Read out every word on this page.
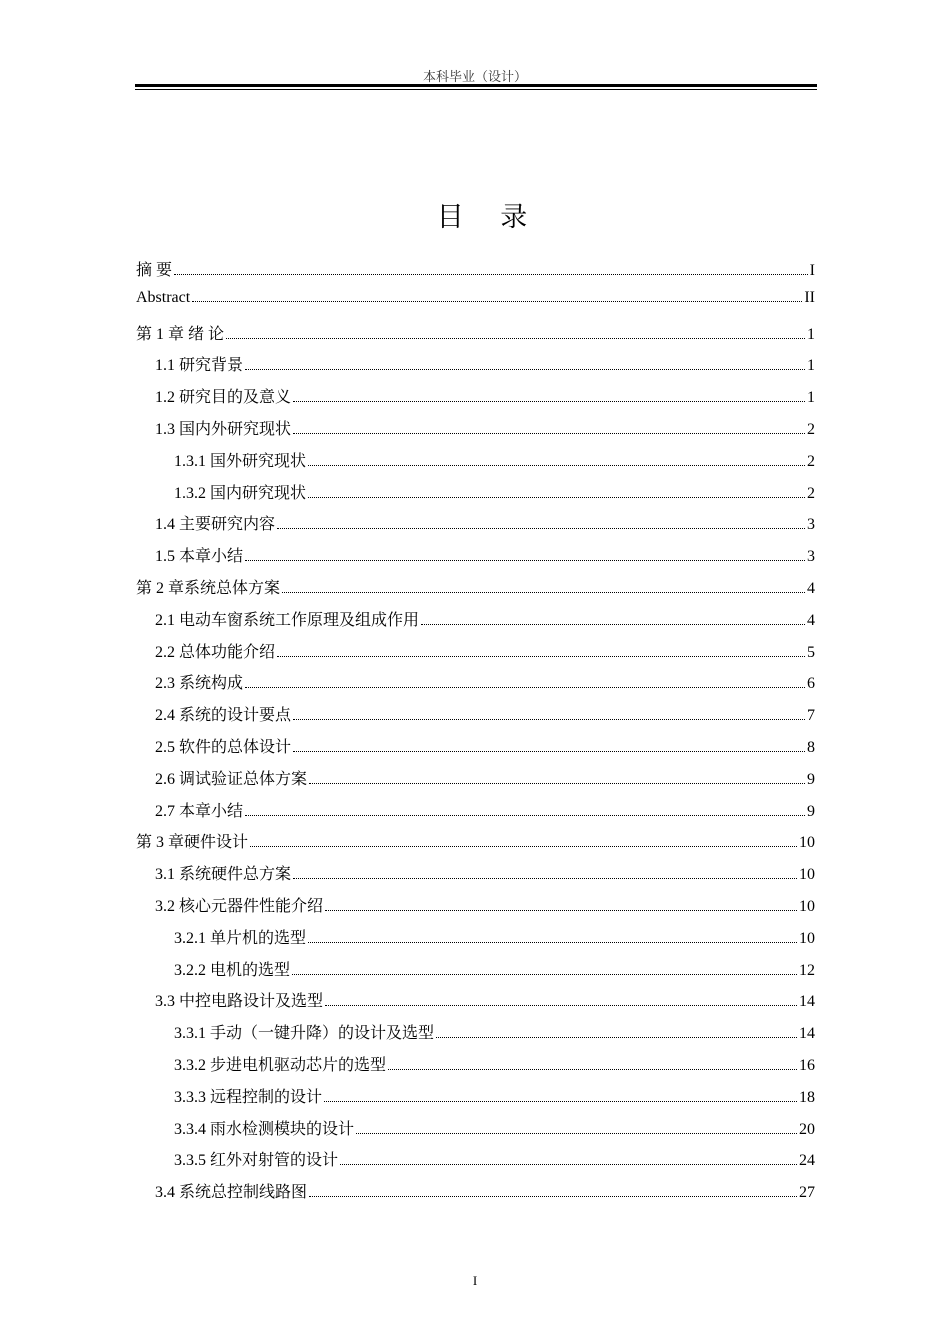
本科毕业（设计）
目 录
摘 要	I
Abstract	II
第 1 章 绪 论	1
1.1 研究背景	1
1.2 研究目的及意义	1
1.3 国内外研究现状	2
1.3.1 国外研究现状	2
1.3.2 国内研究现状	2
1.4 主要研究内容	3
1.5 本章小结	3
第 2 章系统总体方案	4
2.1 电动车窗系统工作原理及组成作用	4
2.2 总体功能介绍	5
2.3 系统构成	6
2.4 系统的设计要点	7
2.5 软件的总体设计	8
2.6 调试验证总体方案	9
2.7 本章小结	9
第 3 章硬件设计	10
3.1 系统硬件总方案	10
3.2 核心元器件性能介绍	10
3.2.1 单片机的选型	10
3.2.2 电机的选型	12
3.3 中控电路设计及选型	14
3.3.1 手动（一键升降）的设计及选型	14
3.3.2 步进电机驱动芯片的选型	16
3.3.3 远程控制的设计	18
3.3.4 雨水检测模块的设计	20
3.3.5 红外对射管的设计	24
3.4 系统总控制线路图	27
I
